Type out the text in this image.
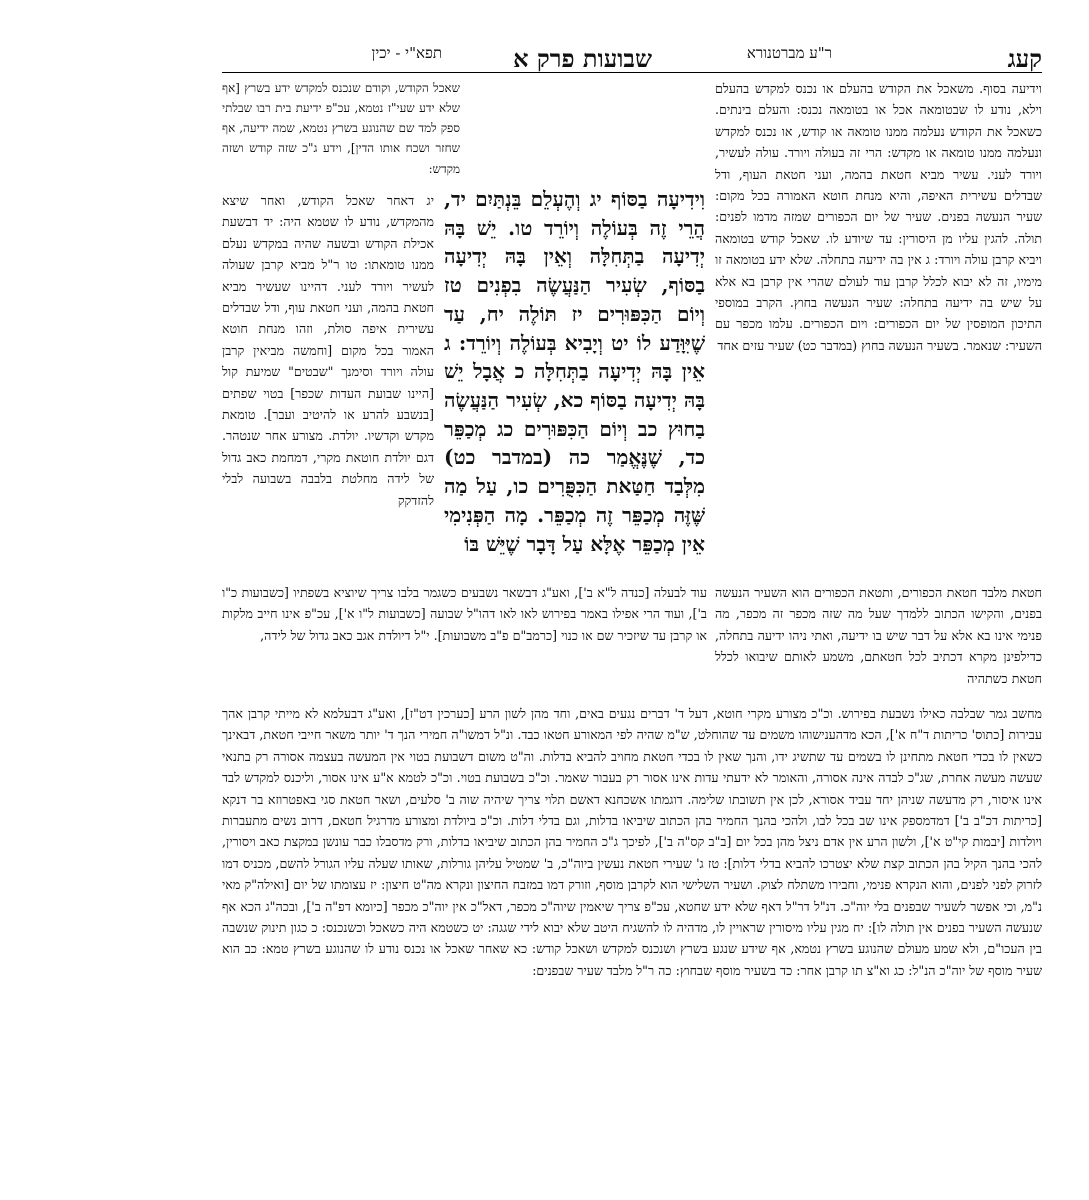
קעג
ר"ע מברטנורא
שבועות פרק א
תפא"י - יכין

שאכל הקודש, וקודם שנכנס למקדש ידע בשרץ [אף שלא ידע שעי"ז נטמא, עכ"פ ידיעת בית רבו שבלתי ספק למד שם שהנוגע בשרץ נטמא, שמה ידיעה, אף שחזר ושכח אותו הדין], וידע ג"כ שזה קודש ושזה מקדש:

יג דאחר שאכל הקודש, ואחר שיצא מהמקדש, נודע לו שטמא היה: יד דבשעת אכילת הקודש ובשעה שהיה במקדש נעלם ממנו טומאתו: טו ר"ל מביא קרבן שעולה לעשיר ויורד לעני. דהיינו שעשיר מביא חטאת בהמה, ועני חטאת עוף, ודל שבדלים עשירית איפה סולת, וזהו מנחת חוטא האמור בכל מקום [וחמשה מביאין קרבן עולה ויורד וסימנך "שבטים" שמיעת קול [היינו שבועת העדות שכפר] בטוי שפתים [בנשבע להרע או להיטיב ועבר]. טומאת מקדש וקדשיו. יולדת. מצורע אחר שנטהר. דגם יולדת חוטאת מקרי, דמחמת כאב גדול של לידה מחלטת בלבבה בשבועה לבלי להזדקק

וידיעה בסוף. משאכל את הקודש בהעלם או נכנס למקדש בהעלם וילא, נודע לו שבטומאה אכל או בטומאה נכנס: והעלם בינתים. כשאכל את הקודש נעלמה ממנו טומאה או קודש, או נכנס למקדש ונעלמה ממנו טומאה או מקדש: הרי זה בעולה ויורד. עולה לעשיר, ויורד לעני. עשיר מביא חטאת בהמה, ועני חטאת העוף, ודל שבדלים עשירית האיפה, והיא מנחת חוטא האמורה בכל מקום: שעיר הנעשה בפנים. שעיר של יום הכפורים שמזה מדמו לפנים: תולה. להגין עליו מן היסורין: עד שיודע לו. שאכל קודש בטומאה ויביא קרבן עולה ויורד: ג אין בה ידיעה בתחלה. שלא ידע בטומאה זו מימיו, זה לא יבוא לכלל קרבן עוד לעולם שהרי אין קרבן בא אלא על שיש בה ידיעה בתחלה: שעיר הנעשה בחוץ. הקרב במוספי התיכון המופסין של יום הכפורים: ויום הכפורים. עלמו מכפר עם השעיר: שנאמר. בשעיר הנעשה בחוץ (במדבר כט) שעיר עזים אחד

וִידִיעָה בַסּוֹף יג וְהֶעְלֵם בֵּנְתַּיִם יד, הֲרֵי זֶה בְּעוֹלֶה וְיוֹרֵד טו. יֵשׁ בָּהּ יְדִיעָה בַתְּחִלָּה וְאֵין בָּהּ יְדִיעָה בַסּוֹף, שְׂעִיר הַנַּעֲשֶׂה בִפְנִים טז וְיוֹם הַכִּפּוּרִים יז תּוֹלֶה יח, עַד שֶׁיִּוָּדַע לוֹ יט וְיָבִיא בְּעוֹלֶה וְיוֹרֵד: ג אֵין בָּהּ יְדִיעָה בַתְּחִלָּה כ אֲבָל יֵשׁ בָּהּ יְדִיעָה בַסּוֹף כא, שְׂעִיר הַנַּעֲשֶׂה בַחוּץ כב וְיוֹם הַכִּפּוּרִים כג מְכַפֵּר כד, שֶׁנֶּאֱמַר כה (במדבר כט) מִלְּבַד חַטַּאת הַכִּפֻּרִים כו, עַל מַה שֶּׁזֶּה מְכַפֵּר זֶה מְכַפֵּר. מָה הַפְּנִימִי אֵין מְכַפֵּר אֶלָּא עַל דָּבָר שֶׁיֵּשׁ בּוֹ

עוד לבעלה [כנדה ל"א ב'], ואע"ג דבשאר נשבעים כשגמר בלבו צריך שיוציא בשפתיו [כשבועות כ"ו ב'], ועוד הרי אפילו באמר בפירוש לאו לאו דהו"ל שבועה [כשבועות ל"ו א'], עכ"פ אינו חייב מלקות או קרבן עד שיזכיר שם או כנוי [כרמב"ם פ"ב משבועות]. י"ל דיולדת אגב כאב גדול של לידה,

חטאת מלבד חטאת הכפורים, ותטאת הכפורים הוא השעיר הנעשה בפנים, והקישו הכתוב ללמדך שעל מה שזה מכפר זה מכפר, מה פנימי אינו בא אלא על דבר שיש בו ידיעה, ואתי ניהו ידיעה בתחלה, כדילפינן מקרא דכתיב לכל חטאתם, משמע לאותם שיבואו לכלל חטאת כשתהיה

מחשב גמר שבלבה כאילו נשבעת בפירוש. וכ"כ מצורע מקרי חוטא, דעל ד' דברים נגעים באים, וחד מהן לשון הרע [כערכין דט"ז], ואע"ג דבעלמא לא מייתי קרבן אהך עבירות [כתוס' כריתות ד"ח א'], הכא מדהענישוהו משמים עד שהוחלט, ש"מ שהיה לפי המאורע חטאו כבד. ונ"ל דמשו"ה חמירי הנך ד' יותר משאר חייבי חטאת, דבאינך כשאין לו בכדי חטאת מתחינן לו בשמים עד שתשיג ידו, והנך שאין לו בכדי חטאת מחויב להביא בדלות. וה"ט משום דשבועת בטוי אין המעשה בעצמה אסורה רק בתנאי שעשה מעשה אחרת, שג"כ לבדה אינה אסורה, והאומר לא ידעתי עדות אינו אסור רק בעבור שאמר. וכ"כ בשבועת בטוי. וכ"כ לטמא א"ע אינו אסור, וליכנס למקדש לבד אינו איסור, רק מדעשה שניהן יחד עביד אסורא, לכן אין תשובתו שלימה. דוגמתו אשכחנא דאשם תלוי צריך שיהיה שוה ב' סלעים, ושאר חטאת סגי באפטרוזא בר דנקא [כריתות דכ"ב ב'] דמדמספק אינו שב בכל לבו, ולהכי בהנך החמיר בהן הכתוב שיביאו בדלות, וגם בדלי דלות. וכ"כ ביולדת ומצורע מדרגיל חטאם, דרוב נשים מתעברות ויולדות [יבמות קי"ט א'], ולשון הרע אין אדם ניצל מהן בכל יום [ב"ב קס"ה ב'], לפיכך ג"כ החמיר בהן הכתוב שיביאו בדלות, ורק מדסבלו כבר עונשן במקצת כאב ויסורין, להכי בהנך הקיל בהן הכתוב קצת שלא יצטרכו להביא בדלי דלות]: טז ג' שעירי חטאת נעשין ביוה"כ, ב' שמטיל עליהן גורלות, שאותו שעלה עליו הגורל להשם, מכניס דמו לזרוק לפני לפנים, והוא הנקרא פנימי, וחבירו משתלח לצוק. ושעיר השלישי הוא לקרבן מוסף, וזורק דמו במזבח החיצון ונקרא מה"ט חיצון: יז עצומתו של יום [ואילה"ק מאי נ"מ, וכי אפשר לשעיר שבפנים בלי יוה"כ. דנ"ל דר"ל דאף שלא ידע שחטא, עכ"פ צריך שיאמין שיוה"כ מכפר, דאל"כ אין יוה"כ מכפר [כיומא דפ"ה ב'], ובכה"ג הכא אף שנעשה השעיר בפנים אין תולה לו]: יח מגין עליו מיסורין שראויין לו, מדהיה לו להשגיח היטב שלא יבוא לידי שגגה: יט כשטמא היה כשאכל וכשנכנס: כ כגון תינוק שנשבה בין העכו"ם, ולא שמע מעולם שהנוגע בשרץ נטמא, אף שידע שנגע בשרץ ושנכנס למקדש ושאכל קודש: כא שאחר שאכל או נכנס נודע לו שהנוגע בשרץ טמא: כב הוא שעיר מוסף של יוה"כ הנ"ל: כג וא"צ תו קרבן אחר: כד בשעיר מוסף שבחוץ: כה ר"ל מלבד שעיר שבפנים:
